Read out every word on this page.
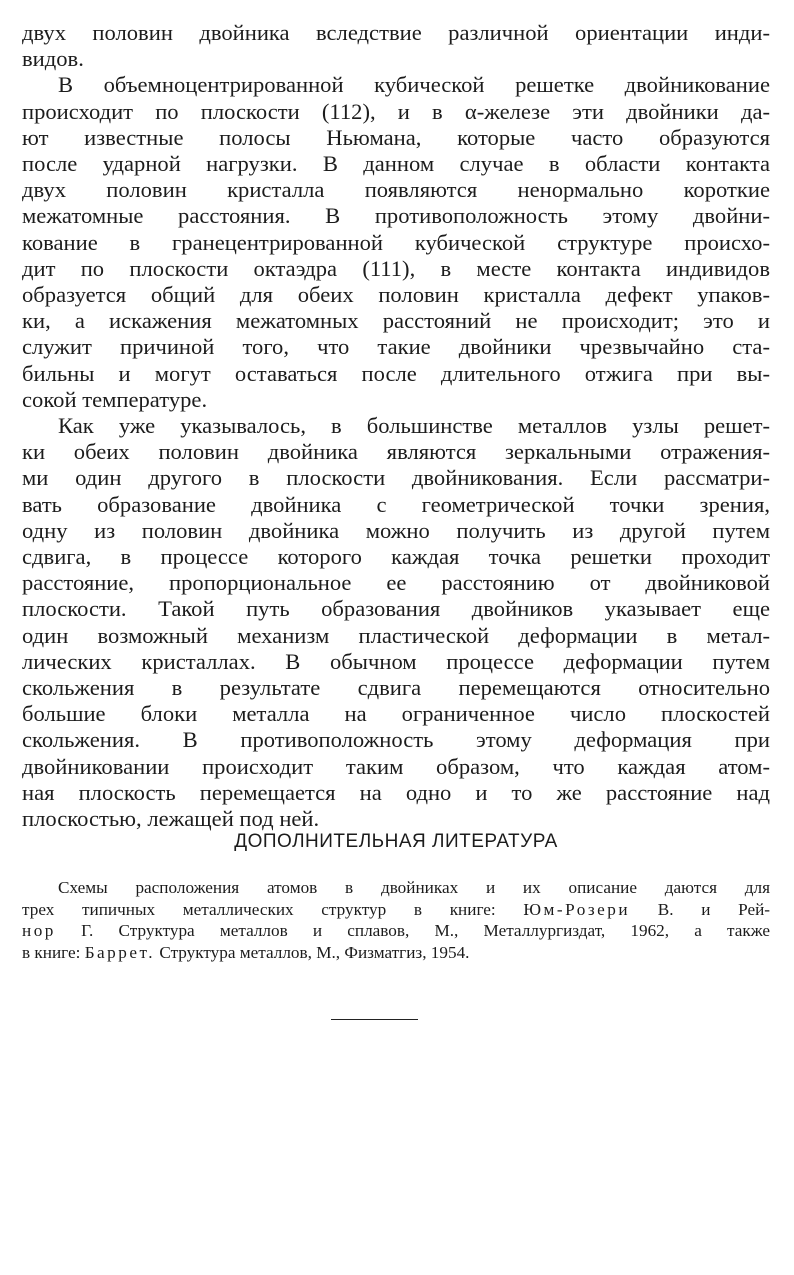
двух половин двойника вследствие различной ориентации инди-
видов.
В объемноцентрированной кубической решетке двойникование
происходит по плоскости (112), и в α-железе эти двойники да-
ют известные полосы Ньюмана, которые часто образуются
после ударной нагрузки. В данном случае в области контакта
двух половин кристалла появляются ненормально короткие
межатомные расстояния. В противоположность этому двойни-
кование в гранецентрированной кубической структуре происхо-
дит по плоскости октаэдра (111), в месте контакта индивидов
образуется общий для обеих половин кристалла дефект упаков-
ки, а искажения межатомных расстояний не происходит; это и
служит причиной того, что такие двойники чрезвычайно ста-
бильны и могут оставаться после длительного отжига при вы-
сокой температуре.
Как уже указывалось, в большинстве металлов узлы решет-
ки обеих половин двойника являются зеркальными отражения-
ми один другого в плоскости двойникования. Если рассматри-
вать образование двойника с геометрической точки зрения,
одну из половин двойника можно получить из другой путем
сдвига, в процессе которого каждая точка решетки проходит
расстояние, пропорциональное ее расстоянию от двойниковой
плоскости. Такой путь образования двойников указывает еще
один возможный механизм пластической деформации в метал-
лических кристаллах. В обычном процессе деформации путем
скольжения в результате сдвига перемещаются относительно
большие блоки металла на ограниченное число плоскостей
скольжения. В противоположность этому деформация при
двойниковании происходит таким образом, что каждая атом-
ная плоскость перемещается на одно и то же расстояние над
плоскостью, лежащей под ней.
ДОПОЛНИТЕЛЬНАЯ ЛИТЕРАТУРА
Схемы расположения атомов в двойниках и их описание даются для
трех типичных металлических структур в книге: Юм-Розери В. и Рей-
нор Г. Структура металлов и сплавов, М., Металлургиздат, 1962, а также
в книге: Баррет. Структура металлов, М., Физматгиз, 1954.
